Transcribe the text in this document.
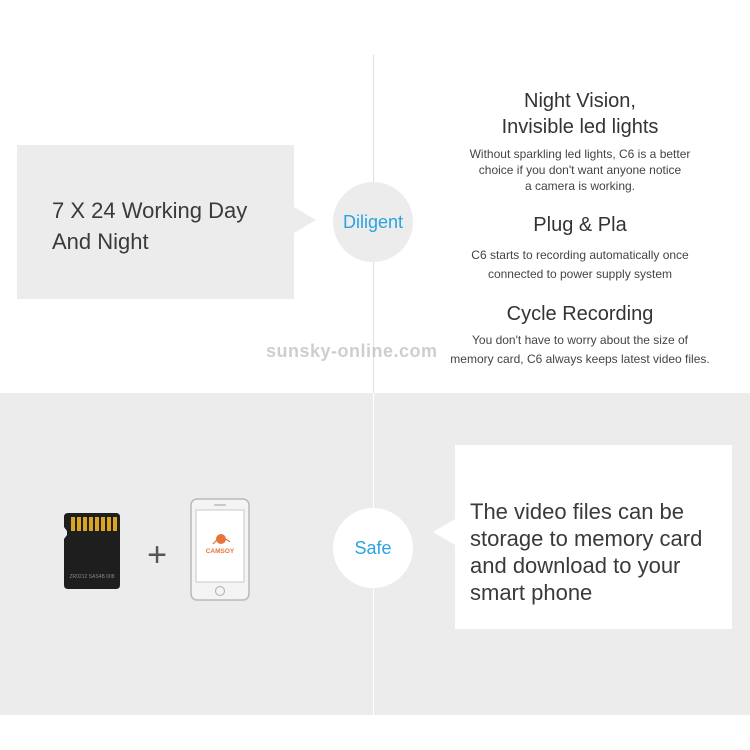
7 X 24 Working Day
And Night
Diligent
Night Vision,
Invisible led lights
Without sparkling led lights, C6 is a better
choice if you don't want anyone notice
a camera is working.
Plug & Pla
C6 starts to recording automatically once
connected to power supply system
Cycle Recording
You don't have to worry about the size of
memory card, C6 always keeps latest video files.
sunsky-online.com
ZR0212 SAS4B 008
+	CAMSOY	Safe
The video files can be
storage to memory card
and download to your
smart phone
